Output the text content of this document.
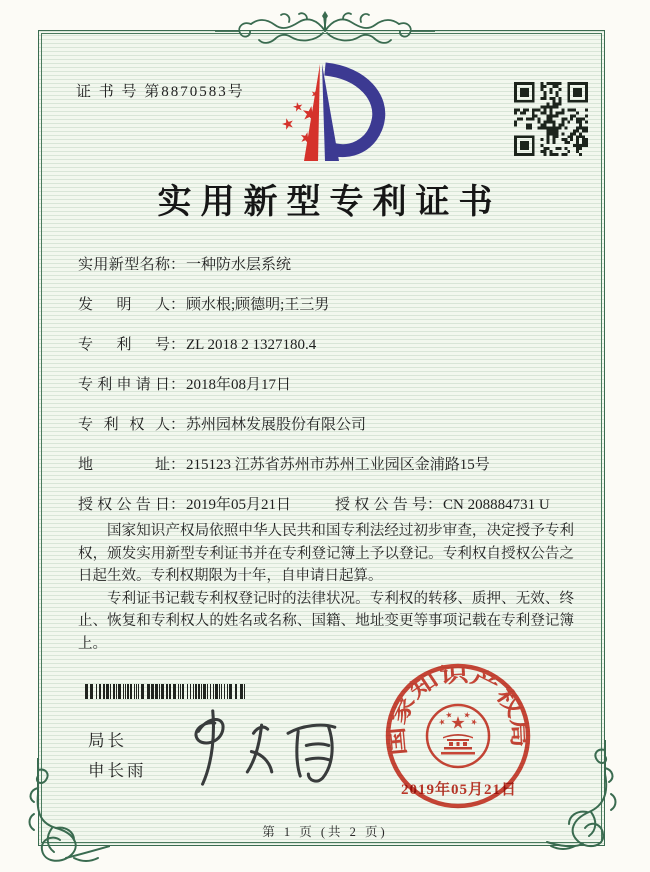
证 书 号 第8870583号
实用新型专利证书
实用新型名称 ： 一种防水层系统
发明人 ： 顾水根;顾德明;王三男
专利号 ： ZL 2018 2 1327180.4
专利申请日 ： 2018年08月17日
专利权人 ： 苏州园林发展股份有限公司
地址 ： 215123 江苏省苏州市苏州工业园区金浦路15号
授权公告日 ： 2019年05月21日	授权公告号 ： CN 208884731 U

国家知识产权局依照中华人民共和国专利法经过初步审查，决定授予专利权，颁发实用新型专利证书并在专利登记簿上予以登记。专利权自授权公告之日起生效。专利权期限为十年，自申请日起算。

专利证书记载专利权登记时的法律状况。专利权的转移、质押、无效、终止、恢复和专利权人的姓名或名称、国籍、地址变更等事项记载在专利登记簿上。

局长
申长雨
国家知识产权局
2019年05月21日
第 1 页 (共 2 页)
